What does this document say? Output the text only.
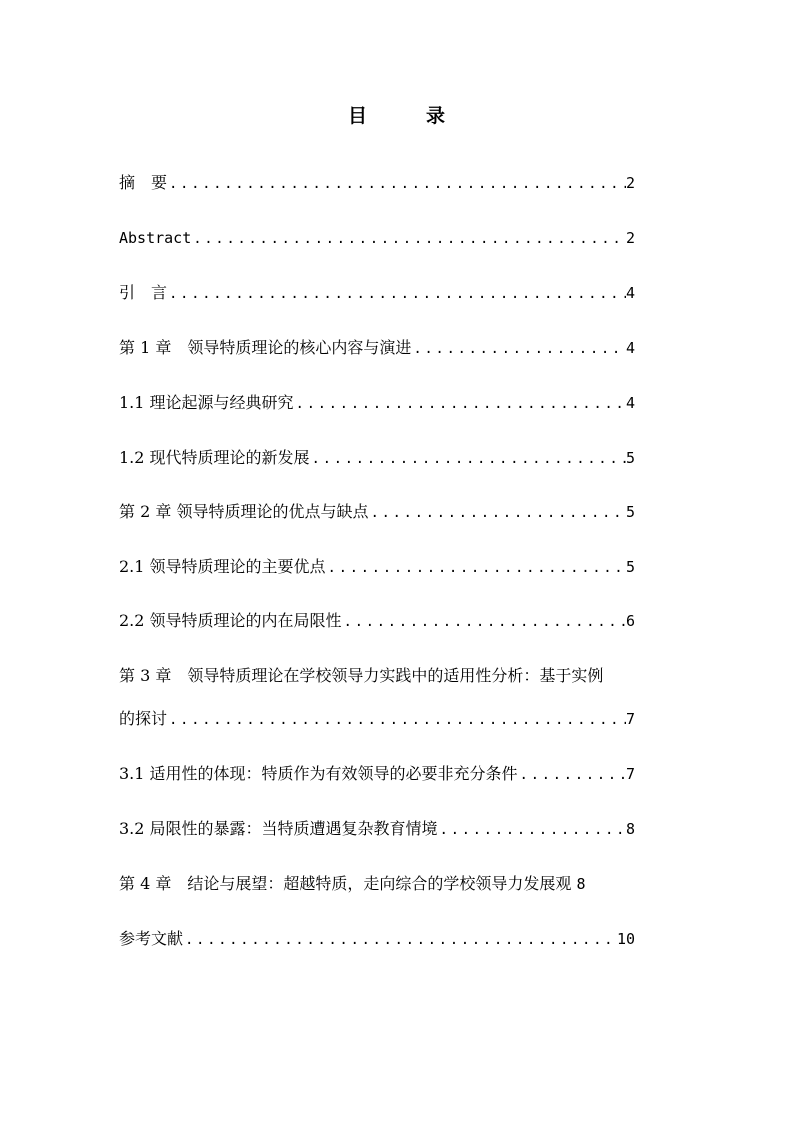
目　录
摘　要 .....	2
Abstract .....	2
引　言 .....	4
第 1 章　领导特质理论的核心内容与演进 .....	4
1.1 理论起源与经典研究 .....	4
1.2 现代特质理论的新发展 .....	5
第 2 章 领导特质理论的优点与缺点 .....	5
2.1 领导特质理论的主要优点 .....	5
2.2 领导特质理论的内在局限性 .....	6
第 3 章　领导特质理论在学校领导力实践中的适用性分析：基于实例
的探讨 .....	7
3.1 适用性的体现：特质作为有效领导的必要非充分条件 .....	7
3.2 局限性的暴露：当特质遭遇复杂教育情境 .....	8
第 4 章　结论与展望：超越特质，走向综合的学校领导力发展观 8
参考文献 .....	10
